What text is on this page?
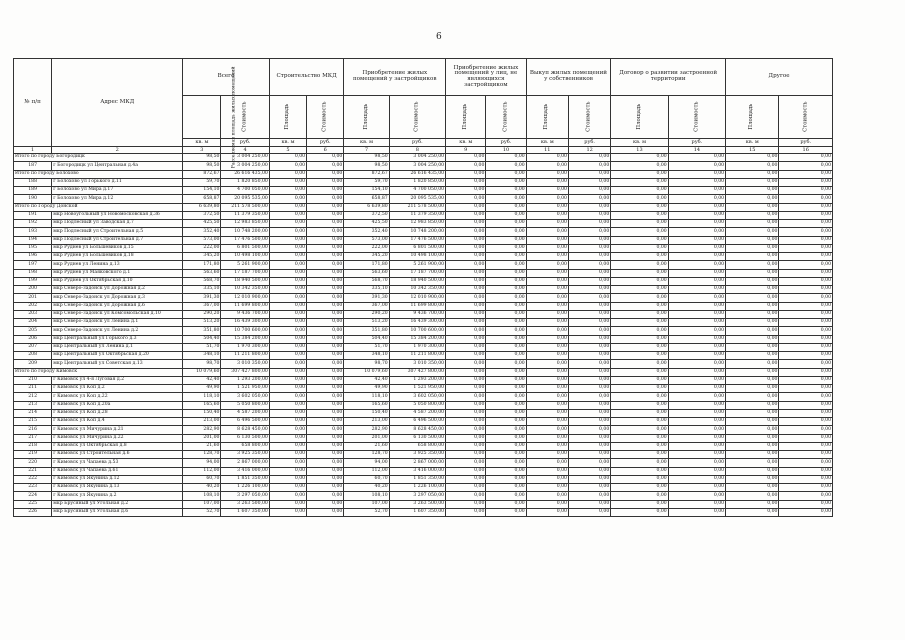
6
№ п/п	Адрес МКД	Всего		Строительство МКД		Приобретение жилых помещений у застройщиков		Приобретение жилых помещений у лиц, не являющихся застройщиком		Выкуп жилых помещений у собственников		Договор о развитии застроенной территории		Другое	
		Расселяемая площадь жилых помещений	Стоимость	Площадь	Стоимость	Площадь	Стоимость	Площадь	Стоимость	Площадь	Стоимость	Площадь	Стоимость	Площадь	Стоимость
		кв. м	руб.	кв. м	руб.	кв. м	руб.	кв. м	руб.	кв. м	руб.	кв. м	руб.	кв. м	руб.
1	2	3	4	5	6	7	8	9	10	11	12	13	14	15	16
Итого по городу Богородицк		98,50	3 004 250,00	0,00	0,00	98,50	3 004 250,00	0,00	0,00	0,00	0,00	0,00	0,00	0,00	0,00
187	г Богородицк ул Центральная д.4а	98,50	3 004 250,00	0,00	0,00	98,50	3 004 250,00	0,00	0,00	0,00	0,00	0,00	0,00	0,00	0,00
Итого по городу Болохово		872,67	26 616 435,00	0,00	0,00	872,67	26 616 435,00	0,00	0,00	0,00	0,00	0,00	0,00	0,00	0,00
188	г Болохово ул Горького д.11	59,70	1 820 850,00	0,00	0,00	59,70	1 820 850,00	0,00	0,00	0,00	0,00	0,00	0,00	0,00	0,00
189	г Болохово ул Мира д.17	154,10	4 700 050,00	0,00	0,00	154,10	4 700 050,00	0,00	0,00	0,00	0,00	0,00	0,00	0,00	0,00
190	г Болохово ул Мира д.12	658,87	20 095 535,00	0,00	0,00	658,87	20 095 535,00	0,00	0,00	0,00	0,00	0,00	0,00	0,00	0,00
Итого по Городу Донской		6 639,80	211 578 500,00	0,00	0,00	6 639,80	211 578 500,00	0,00	0,00	0,00	0,00	0,00	0,00	0,00	0,00
191	мкр Новоугольный ул Новомосковская д.36	372,50	11 379 350,00	0,00	0,00	372,50	11 379 350,00	0,00	0,00	0,00	0,00	0,00	0,00	0,00	0,00
192	мкр Подлесный ул Заводская д.7	425,50	12 983 850,00	0,00	0,00	425,50	12 983 850,00	0,00	0,00	0,00	0,00	0,00	0,00	0,00	0,00
193	мкр Подлесный ул Строительная д.5	352,40	10 748 200,00	0,00	0,00	352,40	10 748 200,00	0,00	0,00	0,00	0,00	0,00	0,00	0,00	0,00
194	мкр Подлесный ул Строительная д.7	573,00	17 476 500,00	0,00	0,00	573,00	17 476 500,00	0,00	0,00	0,00	0,00	0,00	0,00	0,00	0,00
195	мкр Руднев ул Большевиков д.15	222,00	6 801 500,00	0,00	0,00	222,00	6 801 500,00	0,00	0,00	0,00	0,00	0,00	0,00	0,00	0,00
196	мкр Руднев ул Большевиков д.18	345,20	10 498 100,00	0,00	0,00	345,20	10 498 100,00	0,00	0,00	0,00	0,00	0,00	0,00	0,00	0,00
197	мкр Руднев ул Ленина д.13	171,80	5 261 900,00	0,00	0,00	171,80	5 261 900,00	0,00	0,00	0,00	0,00	0,00	0,00	0,00	0,00
198	мкр Руднев ул Маяковского д.1	563,60	17 187 700,00	0,00	0,00	563,60	17 187 700,00	0,00	0,00	0,00	0,00	0,00	0,00	0,00	0,00
199	мкр Руднев ул Октябрьская д.10	568,70	18 940 500,00	0,00	0,00	568,70	18 940 500,00	0,00	0,00	0,00	0,00	0,00	0,00	0,00	0,00
200	мкр Северо-Задонск ул Дорожная д.2	335,10	10 342 350,00	0,00	0,00	335,10	10 342 350,00	0,00	0,00	0,00	0,00	0,00	0,00	0,00	0,00
201	мкр Северо-Задонск ул Дорожная д.3	391,30	12 010 900,00	0,00	0,00	391,30	12 010 900,00	0,00	0,00	0,00	0,00	0,00	0,00	0,00	0,00
202	мкр Северо-Задонск ул Дорожная д.6	367,00	11 699 800,00	0,00	0,00	367,00	11 699 800,00	0,00	0,00	0,00	0,00	0,00	0,00	0,00	0,00
203	мкр Северо-Задонск ул Комсомольская д.10	290,20	9 436 700,00	0,00	0,00	290,20	9 436 700,00	0,00	0,00	0,00	0,00	0,00	0,00	0,00	0,00
204	мкр Северо-Задонск ул Ленина д.1	513,20	16 439 300,00	0,00	0,00	513,20	16 439 300,00	0,00	0,00	0,00	0,00	0,00	0,00	0,00	0,00
205	мкр Северо-Задонск ул Ленина д.2	351,80	10 700 600,00	0,00	0,00	351,80	10 700 600,00	0,00	0,00	0,00	0,00	0,00	0,00	0,00	0,00
206	мкр Центральный ул Горького д.3	504,40	15 384 200,00	0,00	0,00	504,40	15 384 200,00	0,00	0,00	0,00	0,00	0,00	0,00	0,00	0,00
207	мкр Центральный ул Ленина д.1	51,70	1 970 300,00	0,00	0,00	51,70	1 970 300,00	0,00	0,00	0,00	0,00	0,00	0,00	0,00	0,00
208	мкр Центральный ул Октябрьская д.20	348,10	11 211 800,00	0,00	0,00	348,10	11 211 800,00	0,00	0,00	0,00	0,00	0,00	0,00	0,00	0,00
209	мкр Центральный ул Советская д.13	98,70	3 010 350,00	0,00	0,00	98,70	3 010 350,00	0,00	0,00	0,00	0,00	0,00	0,00	0,00	0,00
Итого по городу Кимовск		10 079,60	307 427 800,00	0,00	0,00	10 079,60	307 427 800,00	0,00	0,00	0,00	0,00	0,00	0,00	0,00	0,00
210	г Кимовск ул 4-я Луговая д.2	42,40	1 293 200,00	0,00	0,00	42,40	1 293 200,00	0,00	0,00	0,00	0,00	0,00	0,00	0,00	0,00
211	г Кимовск ул Коп д.2	49,90	1 521 950,00	0,00	0,00	49,90	1 521 950,00	0,00	0,00	0,00	0,00	0,00	0,00	0,00	0,00
212	г Кимовск ул Коп д.22	118,10	3 602 050,00	0,00	0,00	118,10	3 602 050,00	0,00	0,00	0,00	0,00	0,00	0,00	0,00	0,00
213	г Кимовск ул Коп д.20а	165,60	5 050 800,00	0,00	0,00	165,60	5 050 800,00	0,00	0,00	0,00	0,00	0,00	0,00	0,00	0,00
214	г Кимовск ул Коп д.28	150,40	4 587 200,00	0,00	0,00	150,40	4 587 200,00	0,00	0,00	0,00	0,00	0,00	0,00	0,00	0,00
215	г Кимовск ул Коп д.4	213,00	6 496 500,00	0,00	0,00	213,00	6 496 500,00	0,00	0,00	0,00	0,00	0,00	0,00	0,00	0,00
216	г Кимовск ул Мичурина д.21	282,90	8 628 450,00	0,00	0,00	282,90	8 628 450,00	0,00	0,00	0,00	0,00	0,00	0,00	0,00	0,00
217	г Кимовск ул Мичурина д.22	201,00	6 130 500,00	0,00	0,00	201,00	6 130 500,00	0,00	0,00	0,00	0,00	0,00	0,00	0,00	0,00
218	г Кимовск ул Октябрьская д.8	21,60	658 800,00	0,00	0,00	21,60	658 800,00	0,00	0,00	0,00	0,00	0,00	0,00	0,00	0,00
219	г Кимовск ул Строительная д.6	128,70	3 925 350,00	0,00	0,00	128,70	3 925 350,00	0,00	0,00	0,00	0,00	0,00	0,00	0,00	0,00
220	г Кимовск ул Чапаева д.53	94,00	2 867 000,00	0,00	0,00	94,00	2 867 000,00	0,00	0,00	0,00	0,00	0,00	0,00	0,00	0,00
221	г Кимовск ул Чапаева д.61	112,00	3 416 000,00	0,00	0,00	112,00	3 416 000,00	0,00	0,00	0,00	0,00	0,00	0,00	0,00	0,00
222	г Кимовск ул Якунина д.12	60,70	1 851 350,00	0,00	0,00	60,70	1 851 350,00	0,00	0,00	0,00	0,00	0,00	0,00	0,00	0,00
223	г Кимовск ул Якунина д.13	40,20	1 226 100,00	0,00	0,00	40,20	1 226 100,00	0,00	0,00	0,00	0,00	0,00	0,00	0,00	0,00
224	г Кимовск ул Якунина д.2	108,10	3 297 050,00	0,00	0,00	108,10	3 297 050,00	0,00	0,00	0,00	0,00	0,00	0,00	0,00	0,00
225	мкр Брусяный ул Угольная д.2	107,00	3 263 500,00	0,00	0,00	107,00	3 263 500,00	0,00	0,00	0,00	0,00	0,00	0,00	0,00	0,00
226	мкр Брусяный ул Угольная д.6	52,70	1 607 350,00	0,00	0,00	52,70	1 607 350,00	0,00	0,00	0,00	0,00	0,00	0,00	0,00	0,00
